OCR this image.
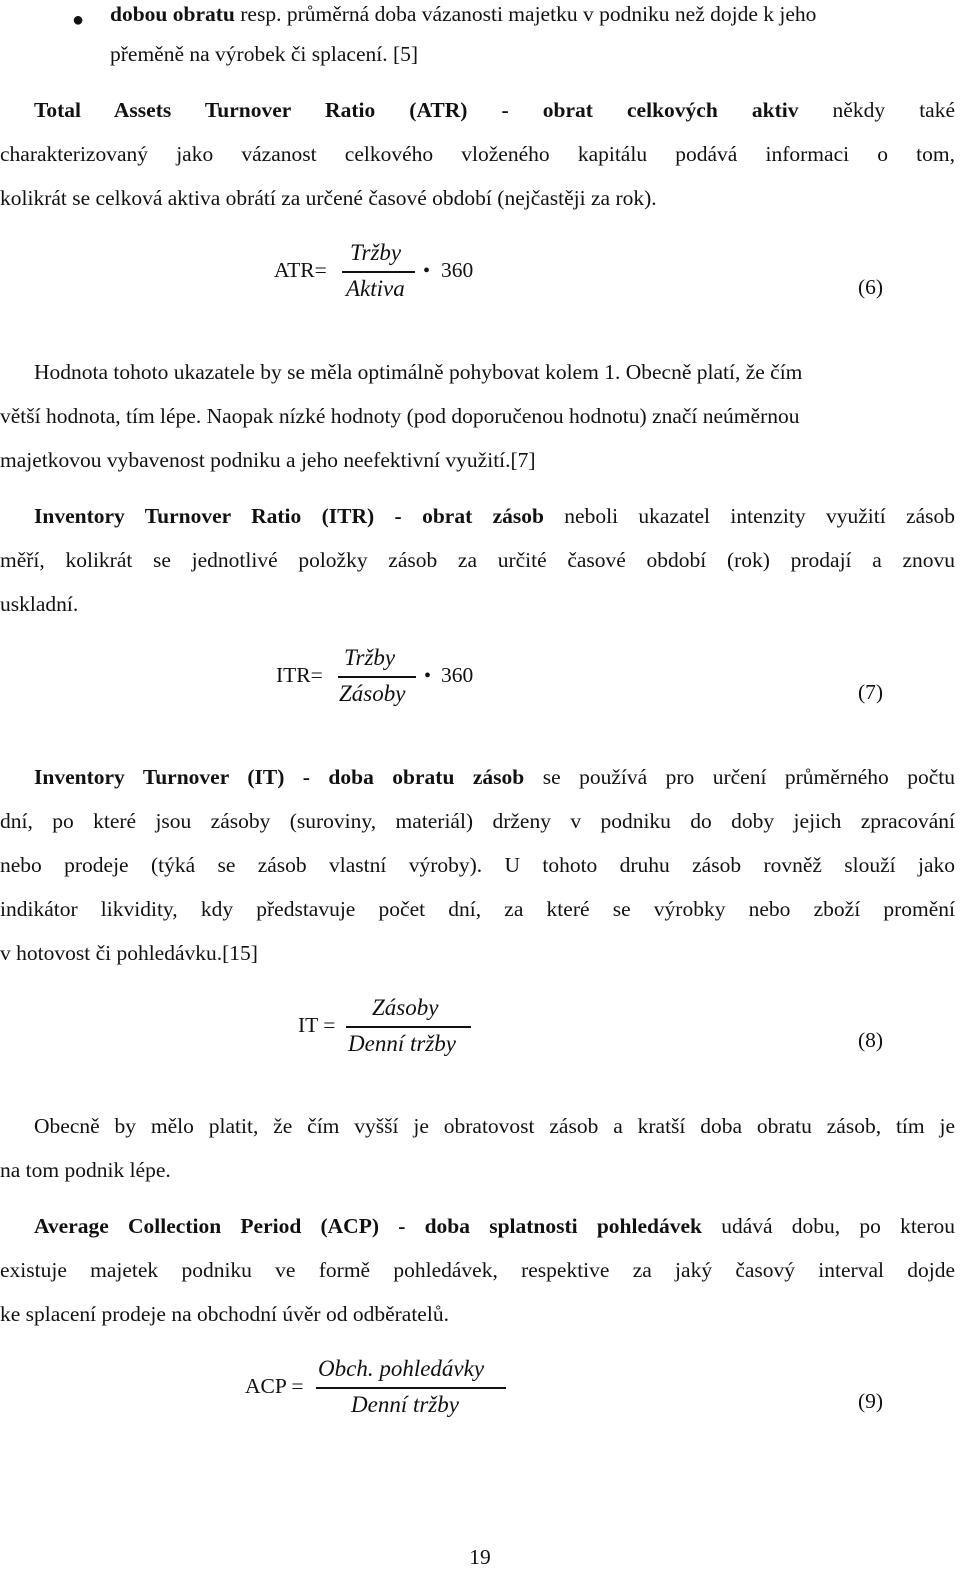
● dobou obratu resp. průměrná doba vázanosti majetku v podniku než dojde k jeho
přeměně na výrobek či splacení. [5]
Total Assets Turnover Ratio (ATR) - obrat celkových aktiv někdy také
charakterizovaný jako vázanost celkového vloženého kapitálu podává informaci o tom,
kolikrát se celková aktiva obrátí za určené časové období (nejčastěji za rok).
ATR=
Tržby
Aktiva
• 360
(6)
Hodnota tohoto ukazatele by se měla optimálně pohybovat kolem 1. Obecně platí, že čím
větší hodnota, tím lépe. Naopak nízké hodnoty (pod doporučenou hodnotu) značí neúměrnou
majetkovou vybavenost podniku a jeho neefektivní využití.[7]
Inventory Turnover Ratio (ITR) - obrat zásob neboli ukazatel intenzity využití zásob
měří, kolikrát se jednotlivé položky zásob za určité časové období (rok) prodají a znovu
uskladní.
ITR=
Tržby
Zásoby
• 360
(7)
Inventory Turnover (IT) - doba obratu zásob se používá pro určení průměrného počtu
dní, po které jsou zásoby (suroviny, materiál) drženy v podniku do doby jejich zpracování
nebo prodeje (týká se zásob vlastní výroby). U tohoto druhu zásob rovněž slouží jako
indikátor likvidity, kdy představuje počet dní, za které se výrobky nebo zboží promění
v hotovost či pohledávku.[15]
IT =
Zásoby
Denní tržby	(8)
Obecně by mělo platit, že čím vyšší je obratovost zásob a kratší doba obratu zásob, tím je
na tom podnik lépe.
Average Collection Period (ACP) - doba splatnosti pohledávek udává dobu, po kterou
existuje majetek podniku ve formě pohledávek, respektive za jaký časový interval dojde
ke splacení prodeje na obchodní úvěr od odběratelů.
ACP =
Obch. pohledávky
Denní tržby	(9)
19
